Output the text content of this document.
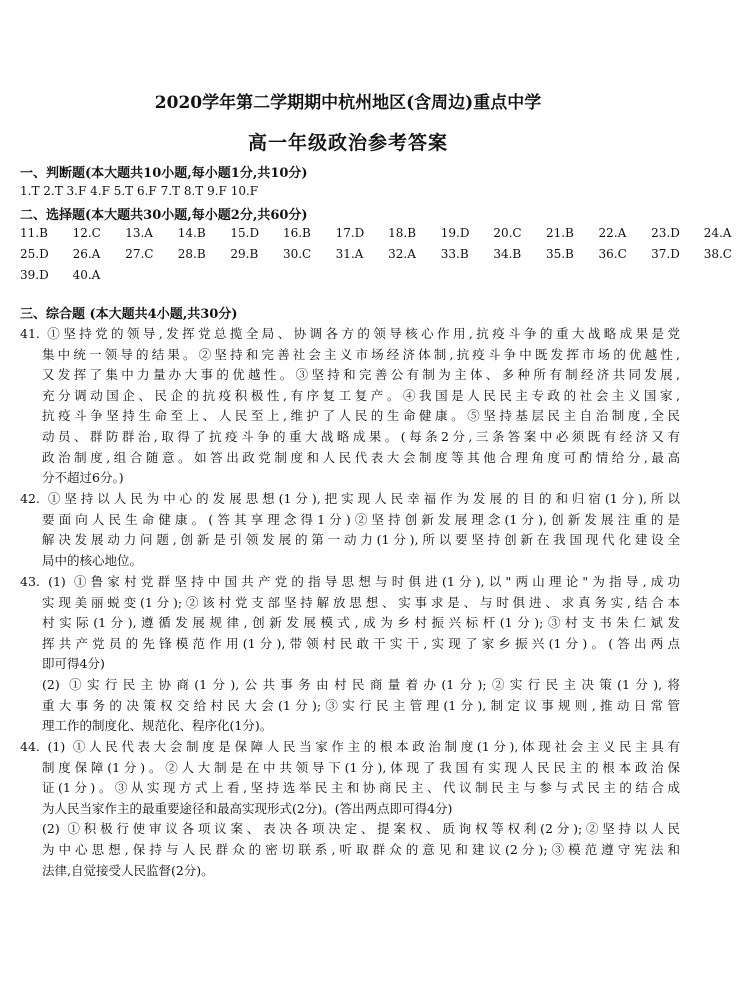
2020学年第二学期期中杭州地区(含周边)重点中学
高一年级政治参考答案
一、判断题(本大题共10小题,每小题1分,共10分)
1.T 2.T 3.F 4.F 5.T 6.F 7.T 8.T 9.F 10.F
二、选择题(本大题共30小题,每小题2分,共60分)
11.B	12.C	13.A	14.B	15.D	16.B	17.D	18.B	19.D	20.C	21.B	22.A	23.D	24.A
25.D	26.A	27.C	28.B	29.B	30.C	31.A	32.A	33.B	34.B	35.B	36.C	37.D	38.C
39.D	40.A
三、综合题 (本大题共4小题,共30分)
41. ①坚持党的领导,发挥党总揽全局、协调各方的领导核心作用,抗疫斗争的重大战略成果是党
集中统一领导的结果。②坚持和完善社会主义市场经济体制,抗疫斗争中既发挥市场的优越性,
又发挥了集中力量办大事的优越性。③坚持和完善公有制为主体、多种所有制经济共同发展,
充分调动国企、民企的抗疫积极性,有序复工复产。④我国是人民民主专政的社会主义国家,
抗疫斗争坚持生命至上、人民至上,维护了人民的生命健康。⑤坚持基层民主自治制度,全民
动员、群防群治,取得了抗疫斗争的重大战略成果。(每条2分,三条答案中必须既有经济又有
政治制度,组合随意。如答出政党制度和人民代表大会制度等其他合理角度可酌情给分,最高
分不超过6分。)
42. ①坚持以人民为中心的发展思想(1分),把实现人民幸福作为发展的目的和归宿(1分),所以
要面向人民生命健康。(答其享理念得1分)②坚持创新发展理念(1分),创新发展注重的是
解决发展动力问题,创新是引领发展的第一动力(1分),所以要坚持创新在我国现代化建设全
局中的核心地位。
43. (1) ①鲁家村党群坚持中国共产党的指导思想与时俱进(1分),以"两山理论"为指导,成功
实现美丽蜕变(1分);②该村党支部坚持解放思想、实事求是、与时俱进、求真务实,结合本
村实际(1分),遵循发展规律,创新发展模式,成为乡村振兴标杆(1分);③村支书朱仁斌发
挥共产党员的先锋模范作用(1分),带领村民敢干实干,实现了家乡振兴(1分)。(答出两点
即可得4分)
(2) ①实行民主协商(1分),公共事务由村民商量着办(1分);②实行民主决策(1分),将
重大事务的决策权交给村民大会(1分);③实行民主管理(1分),制定议事规则,推动日常管
理工作的制度化、规范化、程序化(1分)。
44. (1) ①人民代表大会制度是保障人民当家作主的根本政治制度(1分),体现社会主义民主具有
制度保障(1分)。②人大制是在中共领导下(1分),体现了我国有实现人民民主的根本政治保
证(1分)。③从实现方式上看,坚持选举民主和协商民主、代议制民主与参与式民主的结合成
为人民当家作主的最重要途径和最高实现形式(2分)。(答出两点即可得4分)
(2) ①积极行使审议各项议案、表决各项决定、提案权、质询权等权利(2分);②坚持以人民
为中心思想,保持与人民群众的密切联系,听取群众的意见和建议(2分);③模范遵守宪法和
法律,自觉接受人民监督(2分)。
